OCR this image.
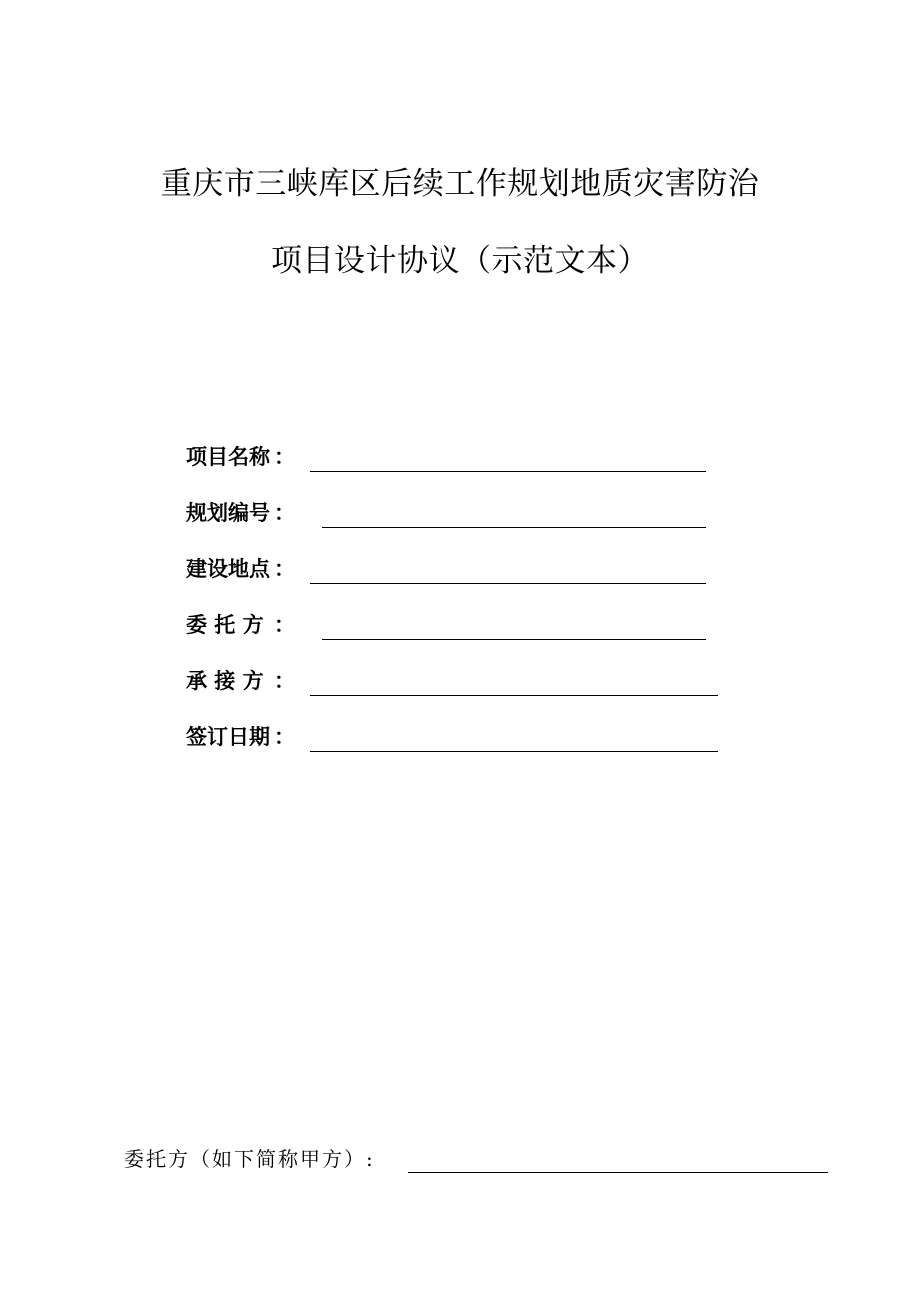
重庆市三峡库区后续工作规划地质灾害防治
项目设计协议（示范文本）
项目名称 ：
规划编号 ：
建设地点 ：
委 托 方 ：
承 接 方 ：
签订日期 ：
委托方（如下简称甲方）:
